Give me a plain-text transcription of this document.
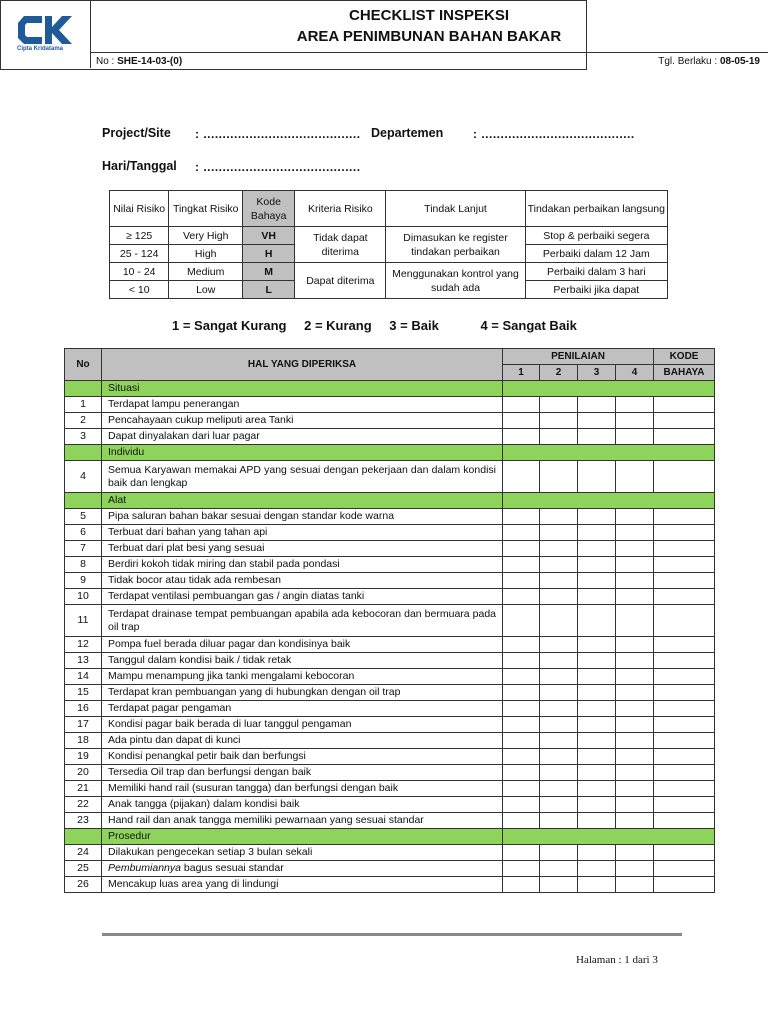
Cipta Kridatama
CHECKLIST INSPEKSI
AREA PENIMBUNAN BAHAN BAKAR
No : SHE-14-03-(0)	Tgl. Berlaku : 08-05-19
Project/Site : ......................................... Departemen : ........................................
Hari/Tanggal : .........................................
Nilai Risiko	Tingkat Risiko	Kode Bahaya	Kriteria Risiko	Tindak Lanjut	Tindakan perbaikan langsung
≥ 125	Very High	VH	Tidak dapat diterima	Dimasukan ke register tindakan perbaikan	Stop & perbaiki segera
25 - 124	High	H			Perbaiki dalam 12 Jam
10 - 24	Medium	M	Dapat diterima	Menggunakan kontrol yang sudah ada	Perbaiki dalam 3 hari
< 10	Low	L			Perbaiki jika dapat
1 = Sangat Kurang 2 = Kurang 3 = Baik	4 = Sangat Baik
No	HAL YANG DIPERIKSA	PENILAIAN				KODE
		1	2	3	4	BAHAYA
	Situasi					
1	Terdapat lampu penerangan					
2	Pencahayaan cukup meliputi area Tanki					
3	Dapat dinyalakan dari luar pagar					
	Individu					
4	Semua Karyawan memakai APD yang sesuai dengan pekerjaan dan dalam kondisi baik dan lengkap					
	Alat					
5	Pipa saluran bahan bakar sesuai dengan standar kode warna					
6	Terbuat dari bahan yang tahan api					
7	Terbuat dari plat besi yang sesuai					
8	Berdiri kokoh tidak miring dan stabil pada pondasi					
9	Tidak bocor atau tidak ada rembesan					
10	Terdapat ventilasi pembuangan gas / angin diatas tanki					
11	Terdapat drainase tempat pembuangan apabila ada kebocoran dan bermuara pada oil trap					
12	Pompa fuel berada diluar pagar dan kondisinya baik					
13	Tanggul dalam kondisi baik / tidak retak					
14	Mampu menampung jika tanki mengalami kebocoran					
15	Terdapat kran pembuangan yang di hubungkan dengan oil trap					
16	Terdapat pagar pengaman					
17	Kondisi pagar baik berada di luar tanggul pengaman					
18	Ada pintu dan dapat di kunci					
19	Kondisi penangkal petir baik dan berfungsi					
20	Tersedia Oil trap dan berfungsi dengan baik					
21	Memiliki hand rail (susuran tangga) dan berfungsi dengan baik					
22	Anak tangga (pijakan) dalam kondisi baik					
23	Hand rail dan anak tangga memiliki pewarnaan yang sesuai standar					
	Prosedur					
24	Dilakukan pengecekan setiap 3 bulan sekali					
25	Pembumiannya bagus sesuai standar					
26	Mencakup luas area yang di lindungi					
Halaman : 1 dari 3
